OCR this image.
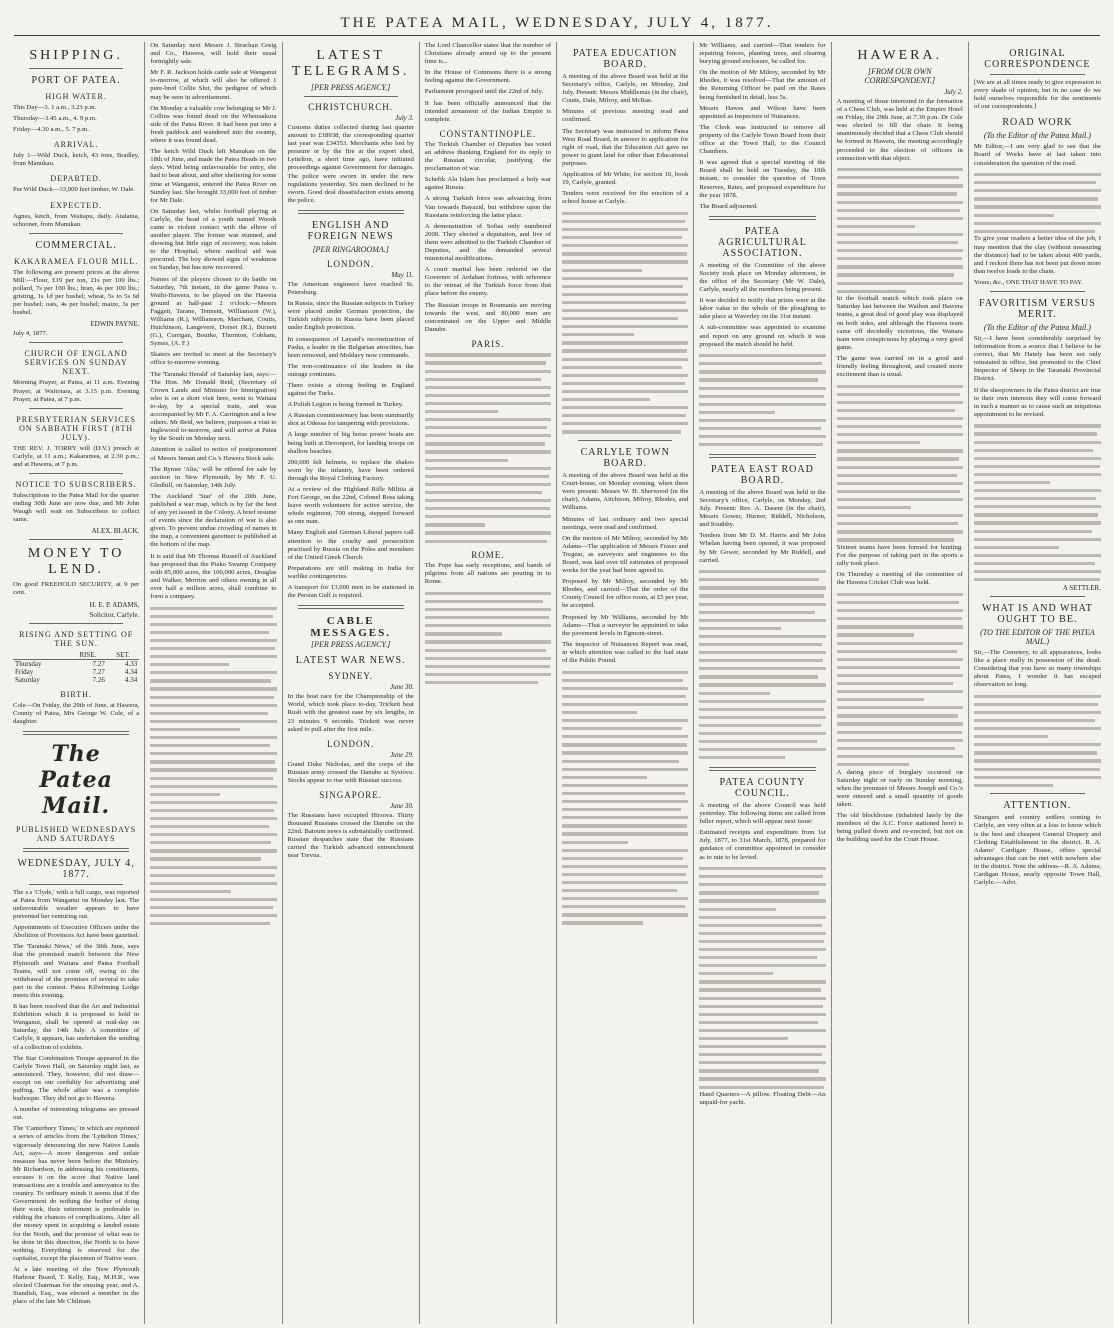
THE PATEA MAIL, WEDNESDAY, JULY 4, 1877.
SHIPPING.
PORT OF PATEA.
HIGH WATER.

This Day—3. 1 a.m., 3.23 p.m.

Thursday—3.45 a.m., 4. 9 p.m.

Friday—4.30 a.m., 5. 7 p.m.

ARRIVAL.

July 1—Wild Duck, ketch, 43 tons, Bradley, from Manukau.

DEPARTED.

Per Wild Duck—33,000 feet timber, W. Dale.

EXPECTED.

Agnes, ketch, from Waitapu, daily. Atalanta, schooner, from Manukau.

COMMERCIAL.
KAKARAMEA FLOUR MILL.

The following are present prices at the above Mill:—Flour, £19 per ton, 21s per 100 lbs.; pollard, 7s per 100 lbs.; bran, 4s per 100 lbs.; gristing, 1s 1d per bushel; wheat, 5s to 5s 6d per bushel; oats, 4s per bushel; maize, 3s per bushel.

EDWIN PAYNE.

July 4, 1877.

CHURCH OF ENGLAND SERVICES ON SUNDAY NEXT.

Morning Prayer, at Patea, at 11 a.m. Evening Prayer, at Waitotara, at 3.15 p.m. Evening Prayer, at Patea, at 7 p.m.

PRESBYTERIAN SERVICES ON SABBATH FIRST (8TH JULY).

THE REV. J. TORRY will (D.V.) preach at Carlyle, at 11 a.m.; Kakaramea, at 2.30 p.m.; and at Hawera, at 7 p.m.

NOTICE TO SUBSCRIBERS.

Subscriptions to the Patea Mail for the quarter ending 30th June are now due, and Mr John Waugh will wait on Subscribers to collect same.

ALEX. BLACK.
MONEY TO LEND.

On good FREEHOLD SECURITY, at 9 per cent.

H. E. P. ADAMS,
Solicitor, Carlyle.
RISING AND SETTING OF THE SUN.
	RISE.	SET.
Thursday	7.27	4.33
Friday	7.27	4.34
Saturday	7.26	4.34
BIRTH.

Cole—On Friday, the 29th of June, at Hawera, County of Patea, Mrs George W. Cole, of a daughter.

The Patea Mail.
PUBLISHED WEDNESDAYS AND SATURDAYS
WEDNESDAY, JULY 4, 1877.

The s.s 'Clyde,' with a full cargo, was reported at Patea from Wanganui on Monday last. The unfavourable weather appears to have prevented her venturing out.

Appointments of Executive Officers under the Abolition of Provinces Act have been gazetted.

The 'Taranaki News,' of the 30th June, says that the promised match between the New Plymouth and Waitara and Patea Football Teams, will not come off, owing to the withdrawal of the promises of several to take part in the contest. Patea Kilwinning Lodge meets this evening.

It has been resolved that the Art and Industrial Exhibition which it is proposed to hold in Wanganui, shall be opened at mid-day on Saturday, the 14th July. A committee of Carlyle, it appears, has undertaken the sending of a collection of exhibits.

The Star Combination Troupe appeared in the Carlyle Town Hall, on Saturday night last, as announced. They, however, did not draw—except on our credulity for advertising and puffing. The whole affair was a complete burlesque. They did not go to Hawera.

A number of interesting telegrams are pressed out.

The 'Canterbury Times,' in which are reprinted a series of articles from the 'Lyttelton Times,' vigorously denouncing the new Native Lands Act, says—A more dangerous and unfair measure has never been before the Ministry. Mr Richardson, in addressing his constituents, excuses it on the score that Native land transactions are a trouble and annoyance to the country. To ordinary minds it seems that if the Government do nothing the bother of doing their work, their retirement is preferable to ridding the chances of complications. After all the money spent in acquiring a landed estate for the North, and the promise of what was to be done in this direction, the North is to have nothing. Everything is reserved for the capitalist, except the placemen of Native wars.

At a late meeting of the New Plymouth Harbour Board, T. Kelly, Esq., M.H.R., was elected Chairman for the ensuing year, and A. Standish, Esq., was elected a member in the place of the late Mr Chilman.

On Saturday next Messrs J. Strachan Greig and Co., Hawera, will hold their usual fortnightly sale.

Mr F. R. Jackson holds cattle sale at Wanganui to-morrow, at which will also be offered 1 pure-bred Collie Slut, the pedigree of which may be seen in advertisement.

On Monday a valuable cow belonging to Mr J. Collins was found dead on the Whenuakura side of the Patea River. It had been put into a fresh paddock and wandered into the swamp, where it was found dead.

The ketch Wild Duck left Manukau on the 18th of June, and made the Patea Heads in two days. Wind being unfavourable for entry, she had to beat about, and after sheltering for some time at Wanganui, entered the Patea River on Sunday last. She brought 33,000 feet of timber for Mr Dale.

On Saturday last, whilst football playing at Carlyle, the head of a youth named Woods came in violent contact with the elbow of another player. The former was stunned, and showing but little sign of recovery, was taken to the Hospital, where medical aid was procured. The boy showed signs of weakness on Sunday, but has now recovered.

Names of the players chosen to do battle on Saturday, 7th instant, in the game Patea v. Waihi-Hawera, to be played on the Hawera ground at half-past 2 o'clock:—Messrs Faggett, Tarane, Tennent, Williamson (W.), Williams (R.), Williamson, Marchant, Coutts, Hutchinson, Langevere, Dorset (R.), Burnett (G.), Corrigan, Bourke, Thornton, Cobham, Symes, (A. F.)

Skaters are invited to meet at the Secretary's office to-morrow evening.

The 'Taranaki Herald' of Saturday last, says:—The Hon. Mr Donald Reid, (Secretary of Crown Lands and Minister for Immigration) who is on a short visit here, went to Waitara to-day, by a special train, and was accompanied by Mr F. A. Carrington and a few others. Mr Reid, we believe, purposes a visit to Inglewood to-morrow, and will arrive at Patea by the South on Monday next.

Attention is called to notice of postponement of Messrs Inman and Co.'s Hawera Stock sale.

The Rymer 'Alta,' will be offered for sale by auction in New Plymouth, by Mr F. U. Gledhill, on Saturday, 14th July.

The Auckland 'Star' of the 20th June, published a war map, which is by far the best of any yet issued in the Colony. A brief resume of events since the declaration of war is also given. To prevent undue crowding of names in the map, a convenient gazetteer is published at the bottom of the map.

It is said that Mr Thomas Russell of Auckland has proposed that the Piako Swamp Company with 85,000 acres, the 100,000 acres, Douglas and Walker, Morrins and others owning in all over half a million acres, shall combine to form a company.

LATEST TELEGRAMS.
[PER PRESS AGENCY.]
CHRISTCHURCH.
July 3.

Customs duties collected during last quarter amount to £18938, the corresponding quarter last year was £34353. Merchants who lost by pressure or by the fire at the export shed, Lyttelton, a short time ago, have initiated proceedings against Government for damages. The police were sworn in under the new regulations yesterday. Six men declined to be sworn. Good deal dissatisfaction exists among the police.

ENGLISH AND FOREIGN NEWS
[PER RINGAROOMA.]
LONDON.
May 11.

The American engineers have reached St. Petersburg.

In Russia, since the Russian subjects in Turkey were placed under German protection, the Turkish subjects in Russia have been placed under English protection.

In consequence of Layard's reconstruction of Pasha, a leader in the Bulgarian atrocities, has been removed, and Moldavy now commands.

The non-continuance of the leaders in the outrage continues.

There exists a strong feeling in England against the Turks.

A Polish Legion is being formed in Turkey.

A Russian commissionary has been summarily shot at Odessa for tampering with provisions.

A large number of big horse power boats are being built at Devonport, for landing troops on shallow beaches.

200,000 felt helmets, to replace the shakos worn by the infantry, have been ordered through the Royal Clothing Factory.

At a review of the Highland Rifle Militia at Fort George, on the 22nd, Colonel Ross taking leave worth volunteers for active service, the whole regiment, 700 strong, stepped forward as one man.

Many English and German Liberal papers call attention to the cruelty and persecution practised by Russia on the Poles and members of the United Greek Church.

Preparations are still making in India for warlike contingencies.

A transport for 13,000 men to be stationed in the Persian Gulf is required.

CABLE MESSAGES.
[PER PRESS AGENCY.]
LATEST WAR NEWS.
SYDNEY.
June 30.

In the boat race for the Championship of the World, which took place to-day, Trickett beat Rush with the greatest ease by six lengths, in 23 minutes 9 seconds. Trickett was never asked to pull after the first mile.

LONDON.
June 29.

Grand Duke Nicholas, and the corps of the Russian army crossed the Danube at Systova. Stocks appear to rise with Russian success.

SINGAPORE.
June 30.

The Russians have occupied Hirsova. Thirty thousand Russians crossed the Danube on the 22nd. Batoum news is substantially confirmed. Russian despatches state that the Russians carried the Turkish advanced entrenchment near Trevna.

The Lord Chancellor states that the number of Christians already armed up to the present time is...

In the House of Commons there is a strong feeling against the Government.

Parliament prorogued until the 22nd of July.

It has been officially announced that the intended armament of the Indian Empire is complete.

CONSTANTINOPLE.

The Turkish Chamber of Deputies has voted an address thanking England for its reply to the Russian circular, justifying the proclamation of war.

Schefik Ala Islam has proclaimed a holy war against Russia.

A strong Turkish force was advancing from Van towards Bayazid, but withdrew upon the Russians reinforcing the latter place.

A demonstration of Sofias only numbered 2000. They elected a deputation, and five of them were admitted to the Turkish Chamber of Deputies, and the demanded several ministerial modifications.

A court martial has been ordered on the Governor of Ardahan fortress, with reference to the retreat of the Turkish force from that place before the enemy.

The Russian troops in Roumania are moving towards the west, and 80,000 men are concentrated on the Upper and Middle Danube.

PARIS.
ROME.

The Pope has early receptions, and bands of pilgrims from all nations are pouring in to Rome.

PATEA EDUCATION BOARD.

A meeting of the above Board was held at the Secretary's office, Carlyle, on Monday, 2nd July. Present: Messrs Middlemas (in the chair), Coutts, Dale, Milroy, and McRae.

Minutes of previous meeting read and confirmed.

The Secretary was instructed to inform Patea West Road Board, in answer to application for right of road, that the Education Act gave no power to grant land for other than Educational purposes.

Application of Mr White, for section 10, book 19, Carlyle, granted.

Tenders were received for the erection of a school house at Carlyle.

CARLYLE TOWN BOARD.

A meeting of the above Board was held at the Court-house, on Monday evening, when there were present: Messrs W. H. Sherwood (in the chair), Adams, Aitchison, Milroy, Rhodes, and Williams.

Minutes of last ordinary and two special meetings, were read and confirmed.

On the motion of Mr Milroy, seconded by Mr Adams—The application of Messrs Fraser and Tregear, as surveyors and engineers to the Board, was laid over till estimates of proposed works for the year had been agreed to.

Proposed by Mr Milroy, seconded by Mr Rhodes, and carried—That the order of the County Council for office room, at £5 per year, be accepted.

Proposed by Mr Williams, seconded by Mr Adams—That a surveyor be appointed to take the pavement levels in Egmont-street.

The inspector of Nuisances Report was read, in which attention was called to the bad state of the Public Pound.

Mr Williams, and carried—That tenders for repairing fences, planting trees, and clearing burying ground enclosure, be called for.

On the motion of Mr Milroy, seconded by Mr Rhodes, it was resolved—That the amount of the Returning Officer be paid on the Rates being furnished in detail, less 5s.

Messrs Hawes and Wilson have been appointed as Inspectors of Nuisances.

The Clerk was instructed to remove all property of the Carlyle Town Board from their office at the Town Hall, to the Council Chambers.

It was agreed that a special meeting of the Board shall be held on Tuesday, the 10th instant, to consider the question of Town Reserves, Rates, and proposed expenditure for the year 1878.

The Board adjourned.

PATEA AGRICULTURAL ASSOCIATION.

A meeting of the Committee of the above Society took place on Monday afternoon, in the office of the Secretary (Mr W. Dale), Carlyle, nearly all the members being present.

It was decided to notify that prizes were at the labor value to the whole of the ploughing to take place at Waverley on the 31st instant.

A sub-committee was appointed to examine and report on any ground on which it was proposed the match should be held.

PATEA EAST ROAD BOARD.

A meeting of the above Board was held in the Secretary's office, Carlyle, on Monday, 2nd July. Present: Rev. A. Dasent (in the chair), Messrs Gower, Hurnor, Riddell, Nicholson, and Southby.

Tenders from Mr D. M. Harris and Mr John Whelan having been opened, it was proposed by Mr Gower, seconded by Mr Riddell, and carried.

PATEA COUNTY COUNCIL.

A meeting of the above Council was held yesterday. The following items are called from fuller report, which will appear next issue:

Estimated receipts and expenditure from 1st July, 1877, to 31st March, 1878, prepared for guidance of committee appointed to consider as to rate to be levied.

Hand Quarters—A pillow. Floating Debt—An unpaid-for yacht.

HAWERA.
[FROM OUR OWN CORRESPONDENT.]
July 2.

A meeting of those interested in the formation of a Chess Club, was held at the Empire Hotel on Friday, the 29th June, at 7.30 p.m. Dr Cole was elected to fill the chair. It being unanimously decided that a Chess Club should be formed in Hawera, the meeting accordingly proceeded to the election of officers in connection with that object.

In the football match which took place on Saturday last between the Waihon and Hawera teams, a great deal of good play was displayed on both sides, and although the Hawera team came off decidedly victorious, the Waitara team were conspicuous by playing a very good game.

The game was carried on in a good and friendly feeling throughout, and created more excitement than is usual.

Sixteen teams have been formed for hunting. For the purpose of taking part in the sports a rally took place.

On Thursday a meeting of the committee of the Hawera Cricket Club was held.

A daring piece of burglary occurred on Saturday night or early on Sunday morning, when the premises of Messrs Joseph and Co.'s were entered and a small quantity of goods taken.

The old blockhouse (inhabited lately by the members of the A.C. Force stationed here) is being pulled down and re-erected, but not on the building used for the Court House.

ORIGINAL CORRESPONDENCE

[We are at all times ready to give expression to every shade of opinion, but in no case do we hold ourselves responsible for the sentiments of our correspondents.]

ROAD WORK
(To the Editor of the Patea Mail.)

Mr Editor,—I am very glad to see that the Board of Works have at last taken into consideration the question of the road.

To give your readers a better idea of the job, I may mention that the clay (without measuring the distance) had to be taken about 400 yards, and I reckon there has not been put down more than twelve loads to the chain.

Yours, &c., ONE THAT HAVE TO PAY.

FAVORITISM VERSUS MERIT.
(To the Editor of the Patea Mail.)

Sir,—I have been considerably surprised by information from a source that I believe to be correct, that Mr Hately has been not only reinstated in office, but promoted to the Chief Inspector of Sheep in the Taranaki Provincial District.

If the sheepowners in the Patea district are true to their own interests they will come forward in such a manner as to cause such an iniquitous appointment to be revised.

A SETTLER.
WHAT IS AND WHAT OUGHT TO BE.
(TO THE EDITOR OF THE PATEA MAIL.)

Sir,—The Cemetery, to all appearances, looks like a place really in possession of the dead. Considering that you have so many townships about Patea, I wonder it has escaped observation so long.

ATTENTION.

Strangers and country settlers coming to Carlyle, are very often at a loss to know which is the best and cheapest General Drapery and Clothing Establishment in the district. R. A. Adams' Cardigan House, offers special advantages that can be met with nowhere else in the district. Note the address—R. A. Adams; Cardigan House, nearly opposite Town Hall, Carlyle.—Advt.
